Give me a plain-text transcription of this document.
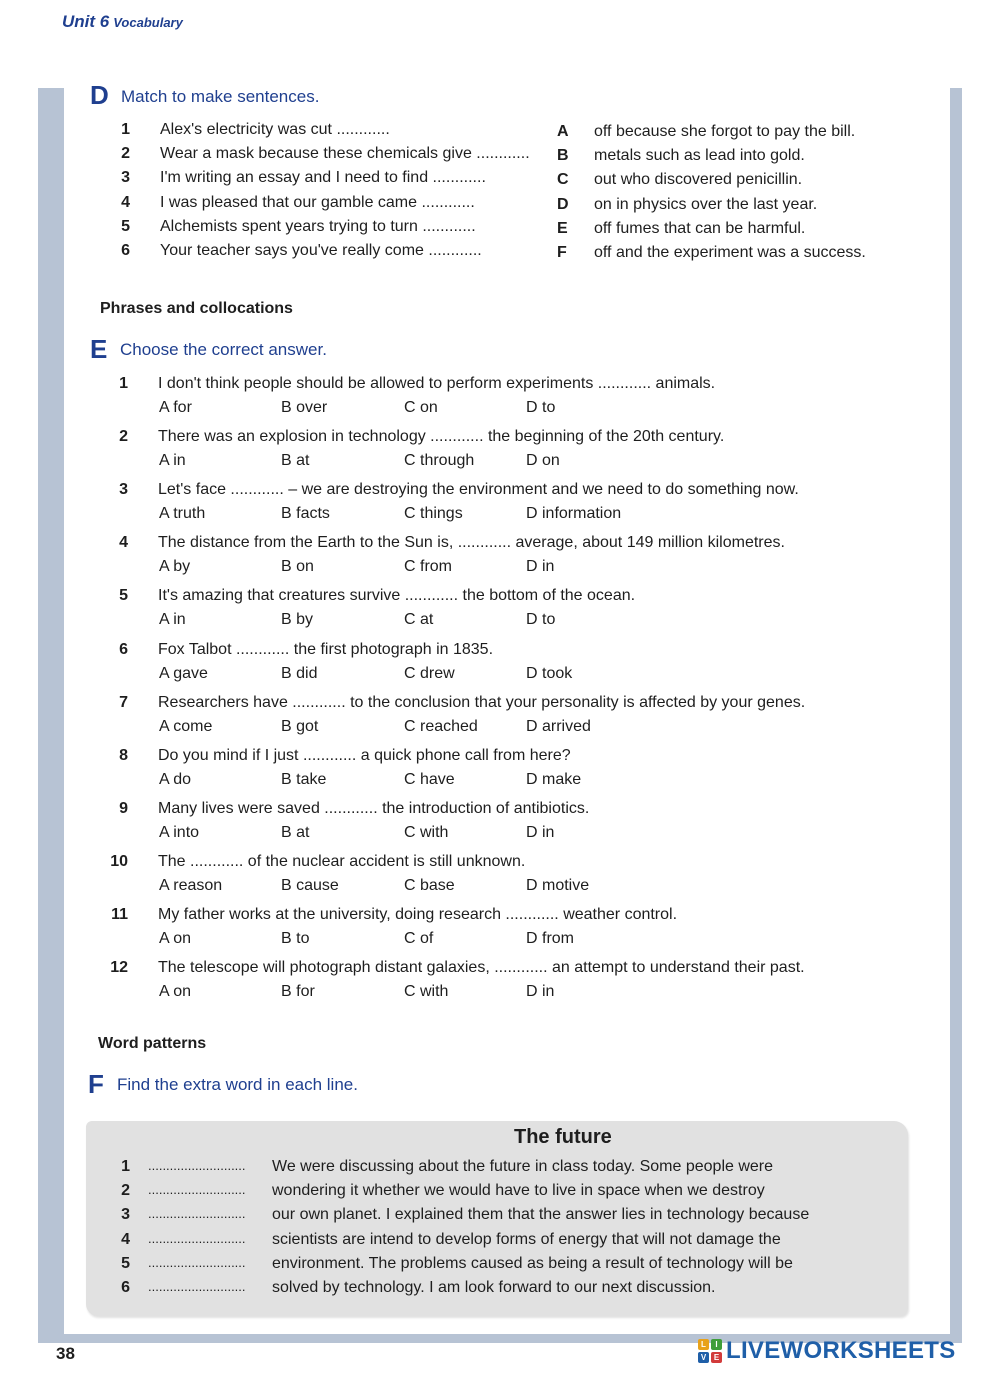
Unit 6 Vocabulary
D Match to make sentences.
1 Alex's electricity was cut ............
2 Wear a mask because these chemicals give ............
3 I'm writing an essay and I need to find ............
4 I was pleased that our gamble came ............
5 Alchemists spent years trying to turn ............
6 Your teacher says you've really come ............
A off because she forgot to pay the bill.
B metals such as lead into gold.
C out who discovered penicillin.
D on in physics over the last year.
E off fumes that can be harmful.
F off and the experiment was a success.
Phrases and collocations
E Choose the correct answer.
1 I don't think people should be allowed to perform experiments ............ animals.
A for	B over	C on	D to
2 There was an explosion in technology ............ the beginning of the 20th century.
A in	B at	C through	D on
3 Let's face ............ – we are destroying the environment and we need to do something now.
A truth	B facts	C things	D information
4 The distance from the Earth to the Sun is, ............ average, about 149 million kilometres.
A by	B on	C from	D in
5 It's amazing that creatures survive ............ the bottom of the ocean.
A in	B by	C at	D to
6 Fox Talbot ............ the first photograph in 1835.
A gave	B did	C drew	D took
7 Researchers have ............ to the conclusion that your personality is affected by your genes.
A come	B got	C reached	D arrived
8 Do you mind if I just ............ a quick phone call from here?
A do	B take	C have	D make
9 Many lives were saved ............ the introduction of antibiotics.
A into	B at	C with	D in
10 The ............ of the nuclear accident is still unknown.
A reason	B cause	C base	D motive
11 My father works at the university, doing research ............ weather control.
A on	B to	C of	D from
12 The telescope will photograph distant galaxies, ............ an attempt to understand their past.
A on	B for	C with	D in
Word patterns
F Find the extra word in each line.
The future
1 ........................... We were discussing about the future in class today. Some people were
2 ........................... wondering it whether we would have to live in space when we destroy
3 ........................... our own planet. I explained them that the answer lies in technology because
4 ........................... scientists are intend to develop forms of energy that will not damage the
5 ........................... environment. The problems caused as being a result of technology will be
6 ........................... solved by technology. I am look forward to our next discussion.
38	L	I
V E LIVEWORKSHEETS
